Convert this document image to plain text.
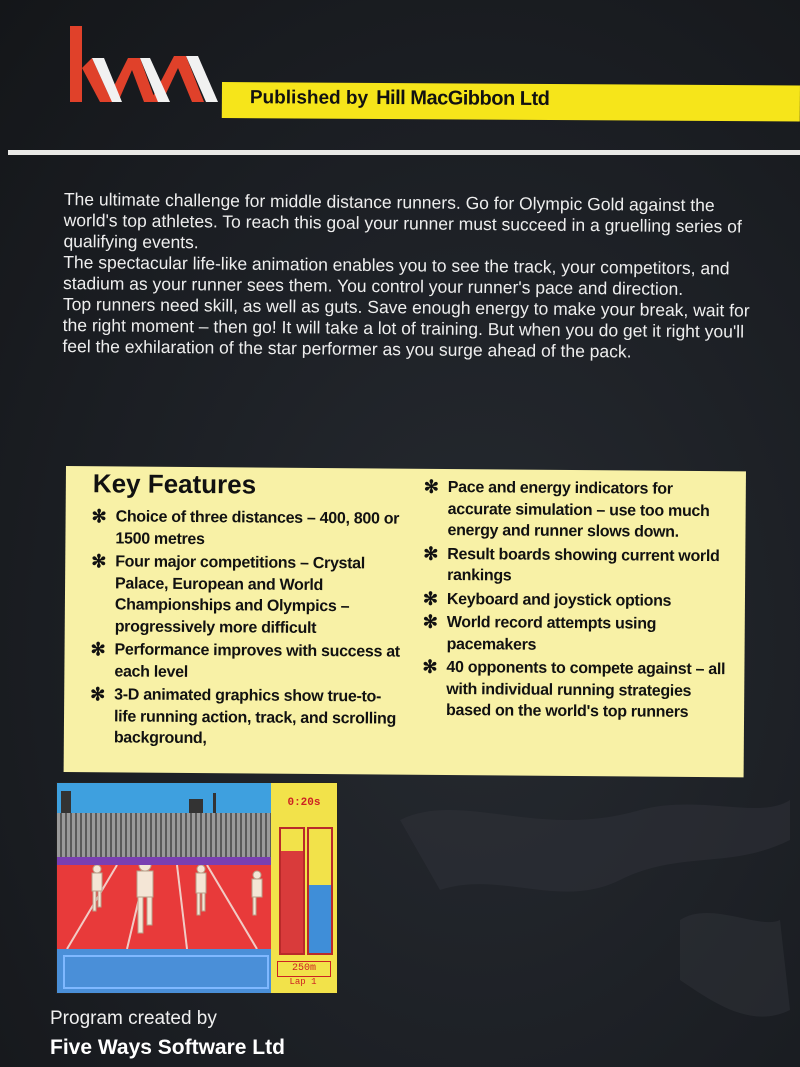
Published by Hill MacGibbon Ltd

The ultimate challenge for middle distance runners. Go for Olympic Gold against the world's top athletes. To reach this goal your runner must succeed in a gruelling series of qualifying events.

The spectacular life-like animation enables you to see the track, your competitors, and stadium as your runner sees them. You control your runner's pace and direction.

Top runners need skill, as well as guts. Save enough energy to make your break, wait for the right moment – then go! It will take a lot of training. But when you do get it right you'll feel the exhilaration of the star performer as you surge ahead of the pack.

Key Features
✻ Choice of three distances – 400, 800 or 1500 metres
✻ Four major competitions – Crystal Palace, European and World Championships and Olympics – progressively more difficult
✻ Performance improves with success at each level
✻ 3-D animated graphics show true-to-life running action, track, and scrolling background,
✻ Pace and energy indicators for accurate simulation – use too much energy and runner slows down.
✻ Result boards showing current world rankings
✻ Keyboard and joystick options
✻ World record attempts using pacemakers
✻ 40 opponents to compete against – all with individual running strategies based on the world's top runners
0:20s
250m
Lap 1
Program created by
Five Ways Software Ltd
